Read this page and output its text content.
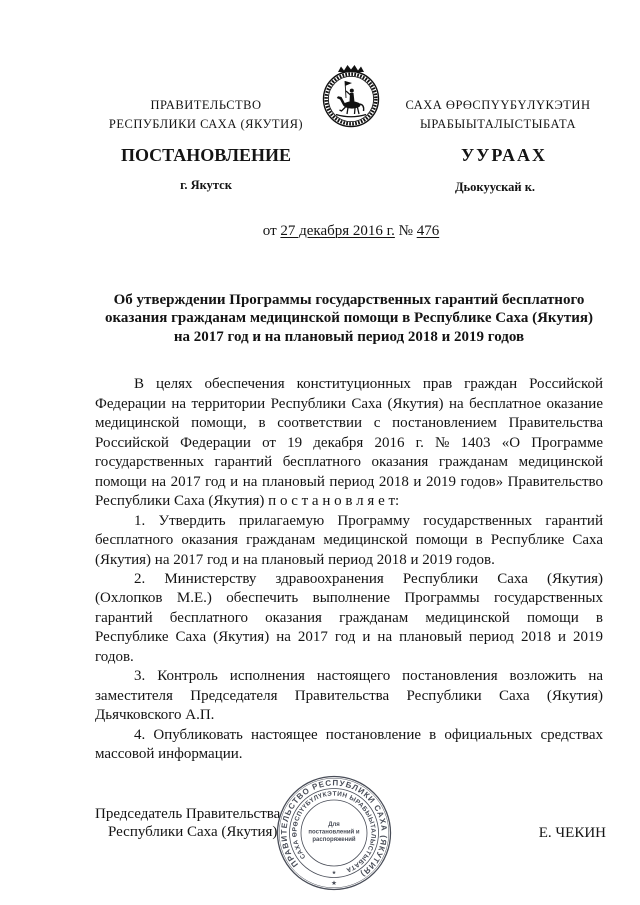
ПРАВИТЕЛЬСТВО
РЕСПУБЛИКИ САХА (ЯКУТИЯ)
САХА ӨРӨСПҮҮБҮЛҮКЭТИН
ЫРАБЫЫТАЛЫСТЫБАТА
ПОСТАНОВЛЕНИЕ	УУРААХ
г. Якутск	Дьокуускай к.
от 27 декабря 2016 г. № 476
Об утверждении Программы государственных гарантий бесплатного
оказания гражданам медицинской помощи в Республике Саха (Якутия)
на 2017 год и на плановый период 2018 и 2019 годов
В целях обеспечения конституционных прав граждан Российской
Федерации на территории Республики Саха (Якутия) на бесплатное оказание
медицинской помощи, в соответствии с постановлением Правительства
Российской Федерации от 19 декабря 2016 г. № 1403 «О Программе
государственных гарантий бесплатного оказания гражданам медицинской
помощи на 2017 год и на плановый период 2018 и 2019 годов» Правительство
Республики Саха (Якутия) п о с т а н о в л я е т:
1. Утвердить прилагаемую Программу государственных гарантий
бесплатного оказания гражданам медицинской помощи в Республике Саха
(Якутия) на 2017 год и на плановый период 2018 и 2019 годов.
2. Министерству здравоохранения Республики Саха (Якутия)
(Охлопков М.Е.) обеспечить выполнение Программы государственных
гарантий бесплатного оказания гражданам медицинской помощи в
Республике Саха (Якутия) на 2017 год и на плановый период 2018 и 2019
годов.
3. Контроль исполнения настоящего постановления возложить на
заместителя Председателя Правительства Республики Саха (Якутия)
Дьячковского А.П.
4. Опубликовать настоящее постановление в официальных средствах
массовой информации.
Председатель Правительства
Республики Саха (Якутия)	Е. ЧЕКИН
ПРАВИТЕЛЬСТВО РЕСПУБЛИКИ САХА (ЯКУТИЯ)
САХА ӨРӨСПҮҮБҮЛҮКЭТИН ЫРАБЫЫТАЛЫСТЫБАТА
Для
постановлений и
распоряжений
